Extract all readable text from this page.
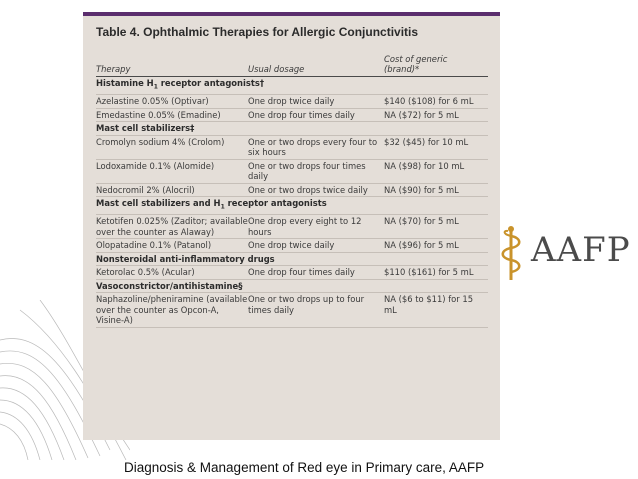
Table 4. Ophthalmic Therapies for Allergic Conjunctivitis
Therapy	Usual dosage	Cost of generic
(brand)*
Histamine $H_1$ receptor antagonists†		
Azelastine 0.05% (Optivar)	One drop twice daily	$140 ($108) for 6 mL
Emedastine 0.05% (Emadine)	One drop four times daily	NA ($72) for 5 mL
Mast cell stabilizers‡		
Cromolyn sodium 4% (Crolom)	One or two drops every four to six hours	$32 ($45) for 10 mL
Lodoxamide 0.1% (Alomide)	One or two drops four times daily	NA ($98) for 10 mL
Nedocromil 2% (Alocril)	One or two drops twice daily	NA ($90) for 5 mL
Mast cell stabilizers and $H_1$ receptor antagonists		
Ketotifen 0.025% (Zaditor; available over the counter as Alaway)	One drop every eight to 12 hours	NA ($70) for 5 mL
Olopatadine 0.1% (Patanol)	One drop twice daily	NA ($96) for 5 mL
Nonsteroidal anti-inflammatory drugs		
Ketorolac 0.5% (Acular)	One drop four times daily	$110 ($161) for 5 mL
Vasoconstrictor/antihistamine§		
Naphazoline/pheniramine (available over the counter as Opcon-A, Visine-A)	One or two drops up to four times daily	NA ($6 to $11) for 15 mL
AAFP
Diagnosis & Management of Red eye in Primary care, AAFP
